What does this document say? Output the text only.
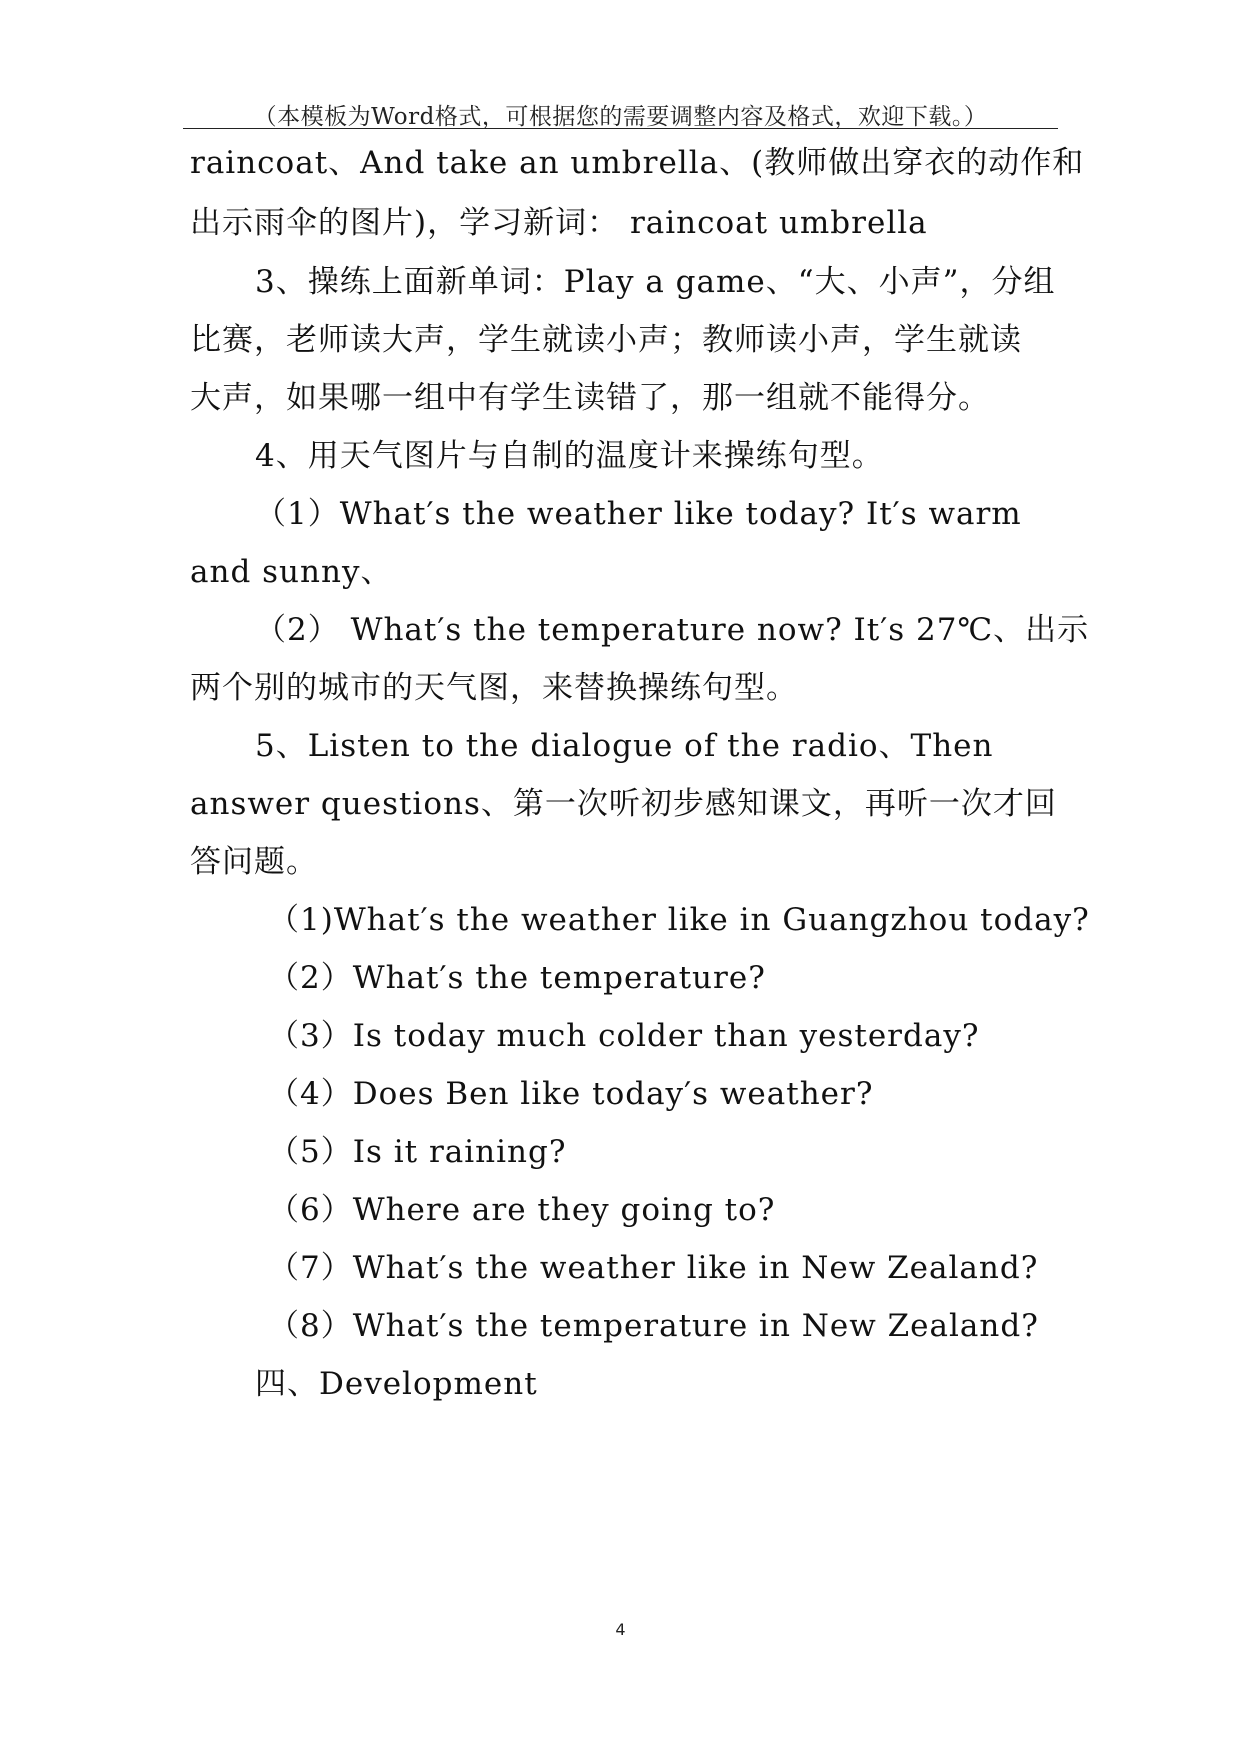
（本模板为Word格式，可根据您的需要调整内容及格式，欢迎下载。）
raincoat、And take an umbrella、(教师做出穿衣的动作和
出示雨伞的图片)，学习新词： raincoat umbrella
3、操练上面新单词：Play a game、“大、小声”，分组
比赛，老师读大声，学生就读小声；教师读小声，学生就读
大声，如果哪一组中有学生读错了，那一组就不能得分。
4、用天气图片与自制的温度计来操练句型。
（1）What′s the weather like today? It′s warm
and sunny、
（2） What′s the temperature now? It′s 27℃、出示
两个别的城市的天气图，来替换操练句型。
5、Listen to the dialogue of the radio、Then
answer questions、第一次听初步感知课文，再听一次才回
答问题。
（1)What′s the weather like in Guangzhou today?
（2）What′s the temperature?
（3）Is today much colder than yesterday?
（4）Does Ben like today′s weather?
（5）Is it raining?
（6）Where are they going to?
（7）What′s the weather like in New Zealand?
（8）What′s the temperature in New Zealand?
四、Development
4
